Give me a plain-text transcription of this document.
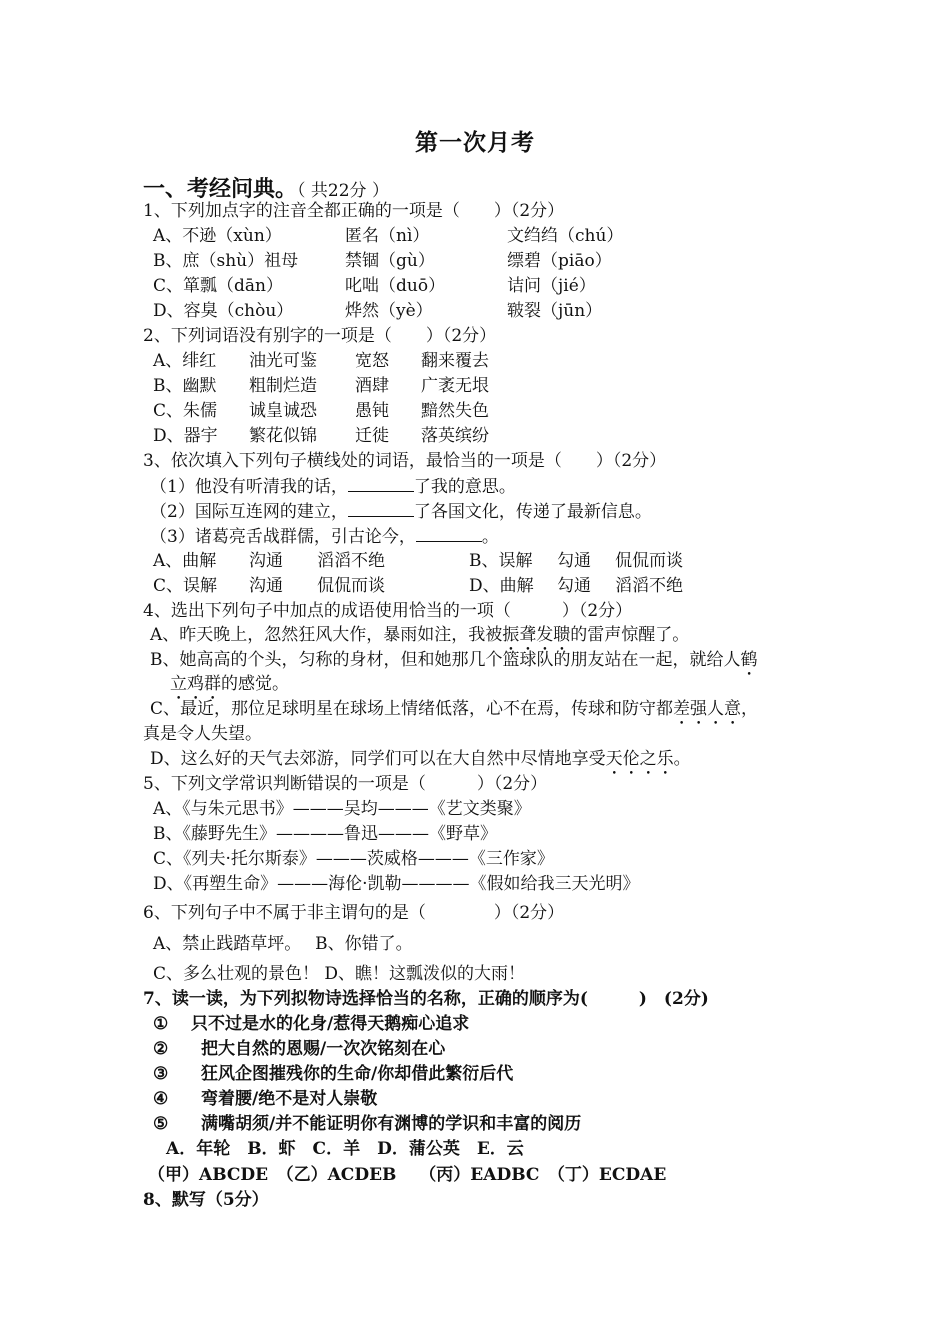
第一次月考
一、考经问典。（ 共22分 ）
1、下列加点字的注音全都正确的一项是（　　）（2分）
A、不逊（xùn）	匿名（nì）	文绉绉（chú）
B、庶（shù）祖母	禁锢（gù）	缥碧（piāo）
C、箪瓢（dān）	叱咄（duō）	诘问（jié）
D、容臭（chòu）	烨然（yè）	皲裂（jūn）
2、下列词语没有别字的一项是（　　）（2分）
A、绯红 油光可鉴 宽怒 翻来覆去
B、幽默 粗制烂造 酒肆 广袤无垠
C、朱儒 诚皇诚恐 愚钝 黯然失色
D、器宇 繁花似锦 迁徙 落英缤纷
3、依次填入下列句子横线处的词语，最恰当的一项是（　　）（2分）
（1）他没有听清我的话，	了我的意思。
（2）国际互连网的建立，	了各国文化，传递了最新信息。
（3）诸葛亮舌战群儒，引古论今，	。
A、曲解 沟通 滔滔不绝	B、误解 勾通 侃侃而谈
C、误解 沟通 侃侃而谈	D、曲解 勾通 滔滔不绝
4、选出下列句子中加点的成语使用恰当的一项（　　　）（2分）
A、昨天晚上，忽然狂风大作，暴雨如注，我被振聋发聩的雷声惊醒了。
B、她高高的个头，匀称的身材，但和她那几个篮球队的朋友站在一起，就给人鹤
立鸡群的感觉。
C、最近，那位足球明星在球场上情绪低落，心不在焉，传球和防守都差强人意，
真是令人失望。
D、这么好的天气去郊游，同学们可以在大自然中尽情地享受天伦之乐。
5、下列文学常识判断错误的一项是（　　　）（2分）
A、《与朱元思书》———吴均———《艺文类聚》
B、《藤野先生》————鲁迅———《野草》
C、《列夫·托尔斯泰》———茨威格———《三作家》
D、《再塑生命》———海伦·凯勒————《假如给我三天光明》
6、下列句子中不属于非主谓句的是（　　　　）（2分）
A、禁止践踏草坪。　 B、你错了。
C、多么壮观的景色！ D、瞧！这瓢泼似的大雨！
7、读一读，为下列拟物诗选择恰当的名称，正确的顺序为(　　　)　(2分)
① 只不过是水的化身/惹得天鹅痴心追求
② 把大自然的恩赐/一次次铭刻在心
③ 狂风企图摧残你的生命/你却借此繁衍后代
④ 弯着腰/绝不是对人崇敬
⑤ 满嘴胡须/并不能证明你有渊博的学识和丰富的阅历
A．年轮　B．虾　C．羊　D．蒲公英　E．云
（甲）ABCDE　（乙）ACDEB　 （丙）EADBC　（丁）ECDAE
8、默写（5分）
